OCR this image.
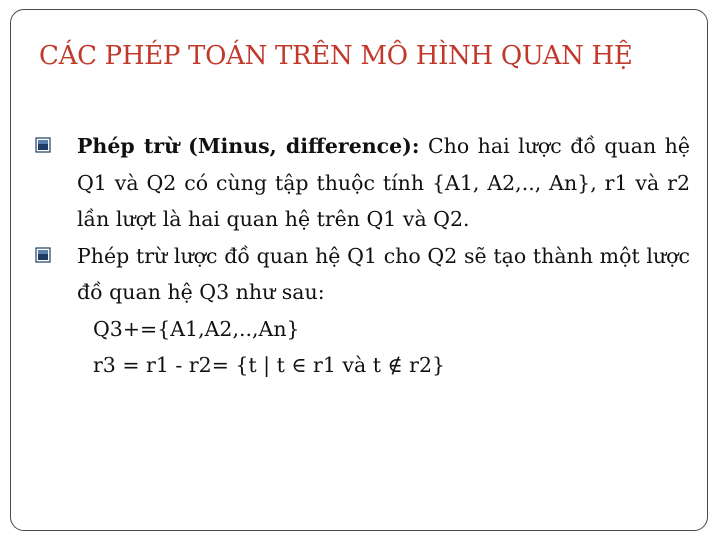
CÁC PHÉP TOÁN TRÊN MÔ HÌNH QUAN HỆ
Phép trừ (Minus, difference): Cho hai lược đồ quan hệ Q1 và Q2 có cùng tập thuộc tính {A1, A2,.., An}, r1 và r2 lần lượt là hai quan hệ trên Q1 và Q2.
Phép trừ lược đồ quan hệ Q1 cho Q2 sẽ tạo thành một lược đồ quan hệ Q3 như sau:
Q3+={A1,A2,..,An}
r3 = r1 - r2= {t | t ∈ r1 và t ∉ r2}
